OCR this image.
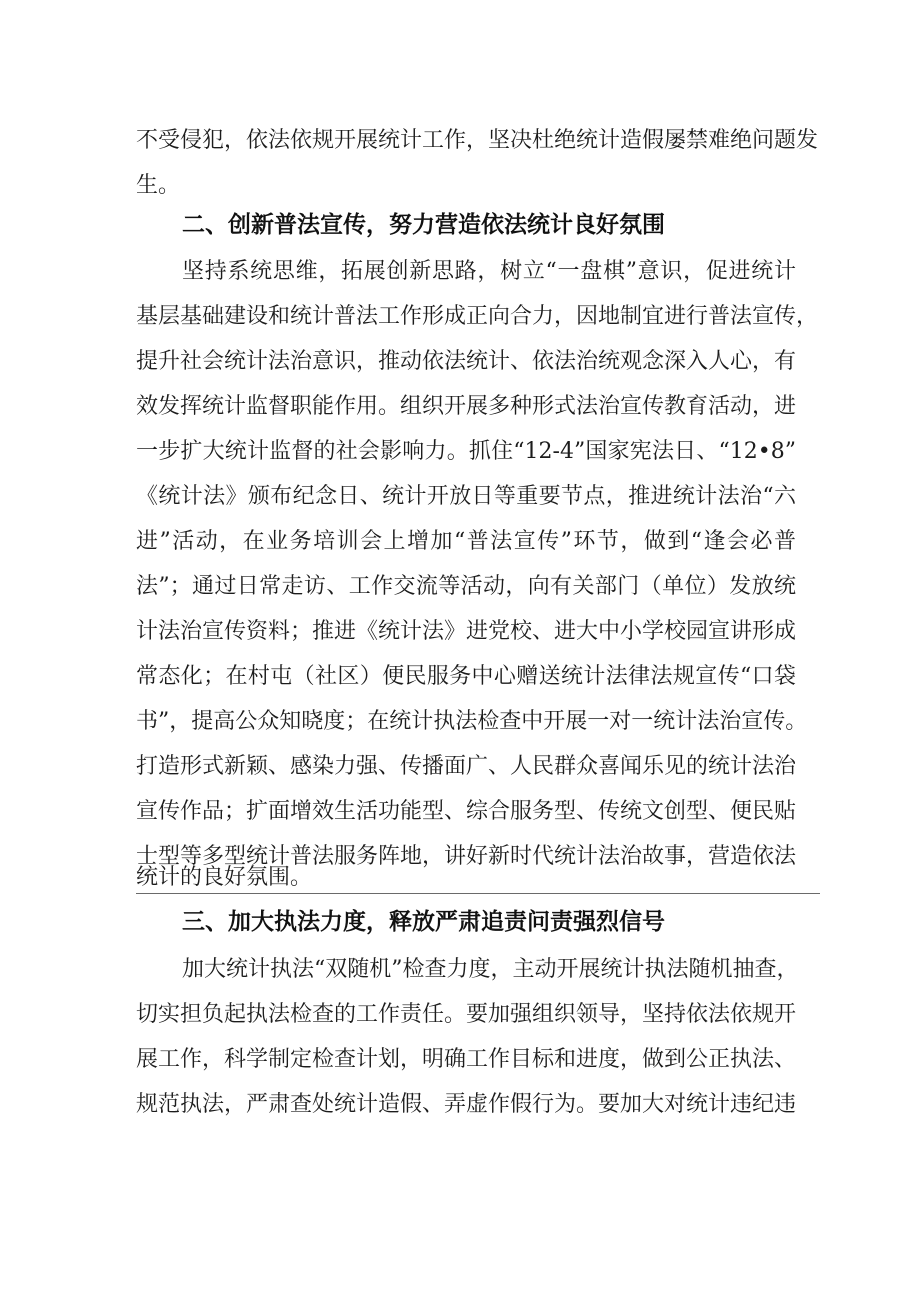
不受侵犯，依法依规开展统计工作，坚决杜绝统计造假屡禁难绝问题发
生。
二、创新普法宣传，努力营造依法统计良好氛围
坚持系统思维，拓展创新思路，树立“一盘棋”意识，促进统计
基层基础建设和统计普法工作形成正向合力，因地制宜进行普法宣传，
提升社会统计法治意识，推动依法统计、依法治统观念深入人心，有
效发挥统计监督职能作用。组织开展多种形式法治宣传教育活动，进
一步扩大统计监督的社会影响力。抓住“12-4”国家宪法日、“12•8”
《统计法》颁布纪念日、统计开放日等重要节点，推进统计法治“六
进”活动，在业务培训会上增加“普法宣传”环节，做到“逢会必普
法”；通过日常走访、工作交流等活动，向有关部门（单位）发放统
计法治宣传资料；推进《统计法》进党校、进大中小学校园宣讲形成
常态化；在村屯（社区）便民服务中心赠送统计法律法规宣传“口袋
书”，提高公众知晓度；在统计执法检查中开展一对一统计法治宣传。
打造形式新颖、感染力强、传播面广、人民群众喜闻乐见的统计法治
宣传作品；扩面增效生活功能型、综合服务型、传统文创型、便民贴
士型等多型统计普法服务阵地，讲好新时代统计法治故事，营造依法
统计的良好氛围。
三、加大执法力度，释放严肃追责问责强烈信号
加大统计执法“双随机”检查力度，主动开展统计执法随机抽查，
切实担负起执法检查的工作责任。要加强组织领导，坚持依法依规开
展工作，科学制定检查计划，明确工作目标和进度，做到公正执法、
规范执法，严肃查处统计造假、弄虚作假行为。要加大对统计违纪违
